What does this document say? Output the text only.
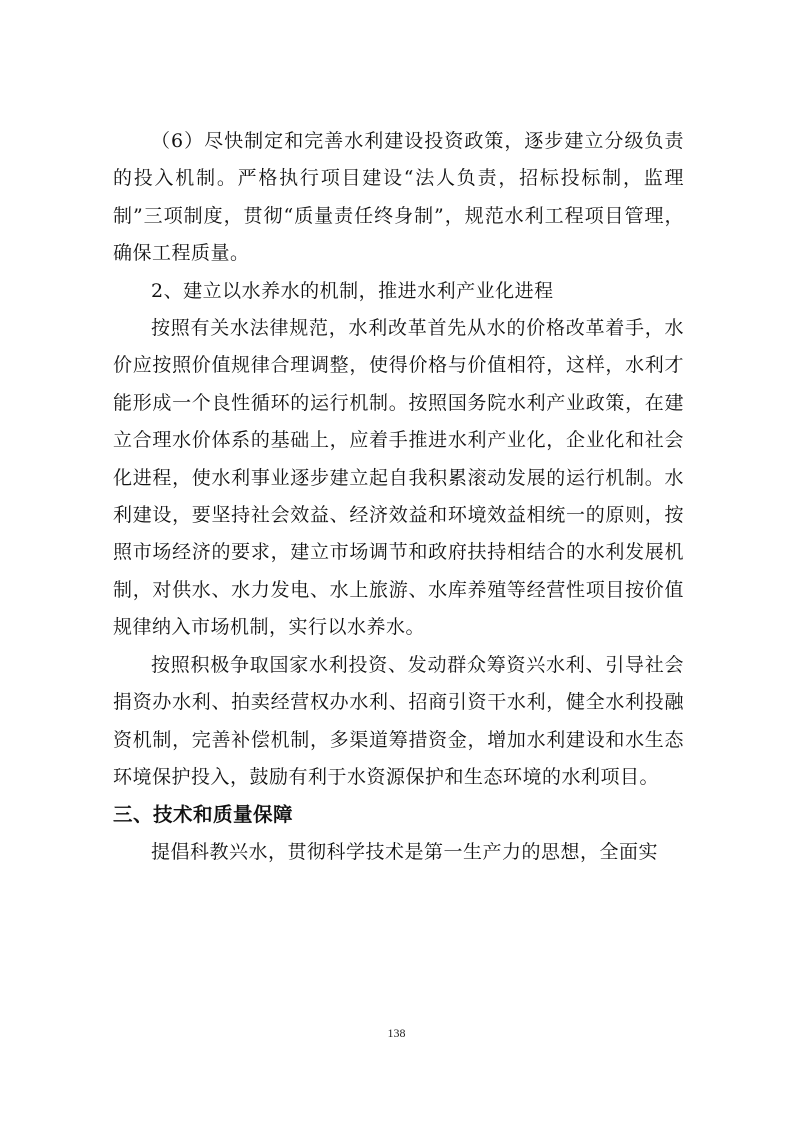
（6）尽快制定和完善水利建设投资政策，逐步建立分级负责的投入机制。严格执行项目建设“法人负责，招标投标制，监理制”三项制度，贯彻“质量责任终身制”，规范水利工程项目管理，确保工程质量。

2、建立以水养水的机制，推进水利产业化进程

按照有关水法律规范，水利改革首先从水的价格改革着手，水价应按照价值规律合理调整，使得价格与价值相符，这样，水利才能形成一个良性循环的运行机制。按照国务院水利产业政策，在建立合理水价体系的基础上，应着手推进水利产业化，企业化和社会化进程，使水利事业逐步建立起自我积累滚动发展的运行机制。水利建设，要坚持社会效益、经济效益和环境效益相统一的原则，按照市场经济的要求，建立市场调节和政府扶持相结合的水利发展机制，对供水、水力发电、水上旅游、水库养殖等经营性项目按价值规律纳入市场机制，实行以水养水。

按照积极争取国家水利投资、发动群众筹资兴水利、引导社会捐资办水利、拍卖经营权办水利、招商引资干水利，健全水利投融资机制，完善补偿机制，多渠道筹措资金，增加水利建设和水生态环境保护投入，鼓励有利于水资源保护和生态环境的水利项目。

三、技术和质量保障

提倡科教兴水，贯彻科学技术是第一生产力的思想，全面实

138
